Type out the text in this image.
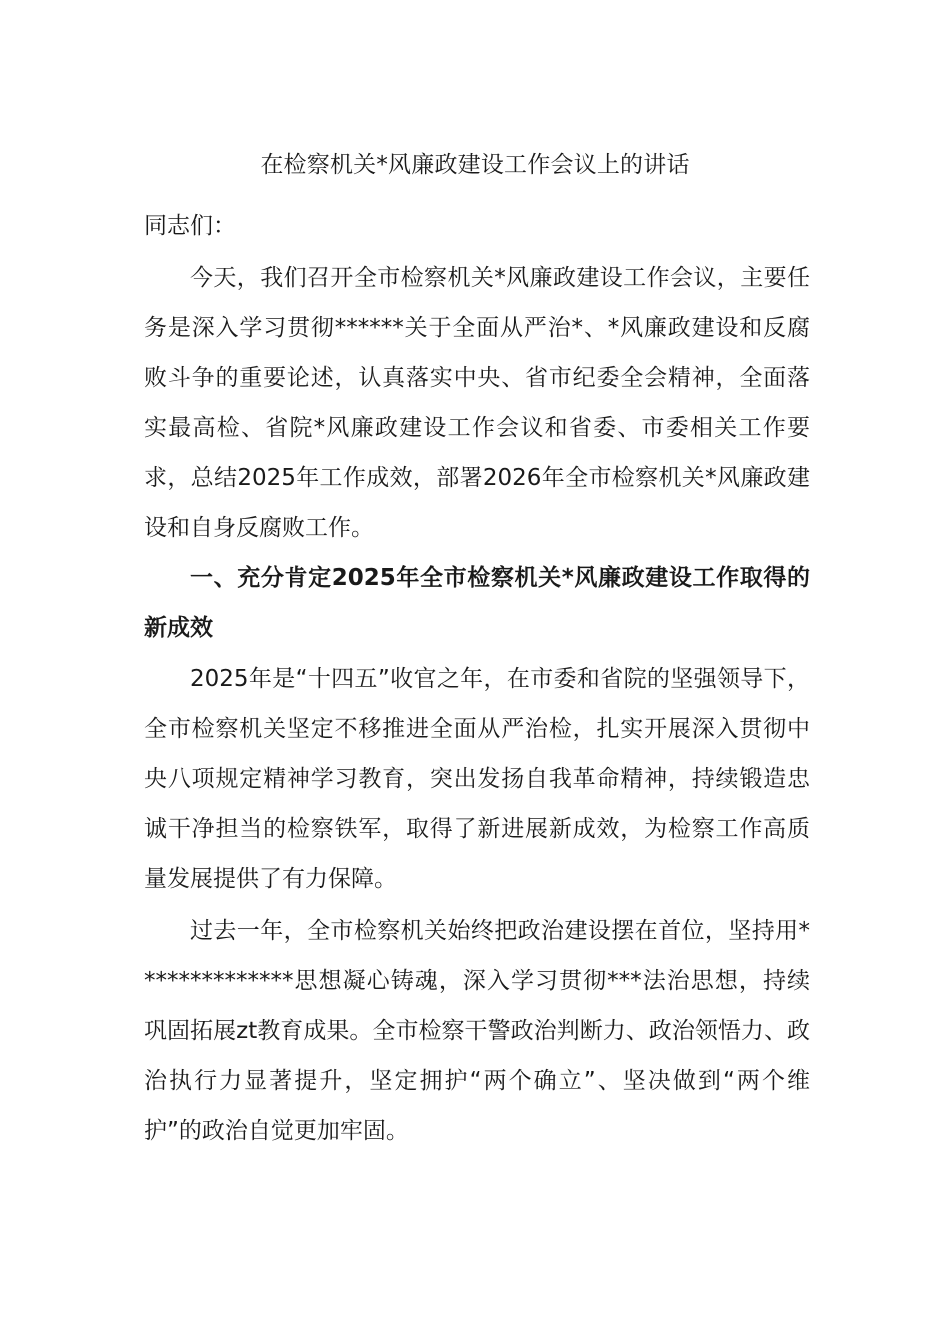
在检察机关*风廉政建设工作会议上的讲话
同志们：

今天，我们召开全市检察机关*风廉政建设工作会议，主要任务是深入学习贯彻******关于全面从严治*、*风廉政建设和反腐败斗争的重要论述，认真落实中央、省市纪委全会精神，全面落实最高检、省院*风廉政建设工作会议和省委、市委相关工作要求，总结2025年工作成效，部署2026年全市检察机关*风廉政建设和自身反腐败工作。

一、充分肯定2025年全市检察机关*风廉政建设工作取得的新成效

2025年是“十四五”收官之年，在市委和省院的坚强领导下，全市检察机关坚定不移推进全面从严治检，扎实开展深入贯彻中央八项规定精神学习教育，突出发扬自我革命精神，持续锻造忠诚干净担当的检察铁军，取得了新进展新成效，为检察工作高质量发展提供了有力保障。

过去一年，全市检察机关始终把政治建设摆在首位，坚持用**************思想凝心铸魂，深入学习贯彻***法治思想，持续巩固拓展zt教育成果。全市检察干警政治判断力、政治领悟力、政治执行力显著提升，坚定拥护“两个确立”、坚决做到“两个维护”的政治自觉更加牢固。
